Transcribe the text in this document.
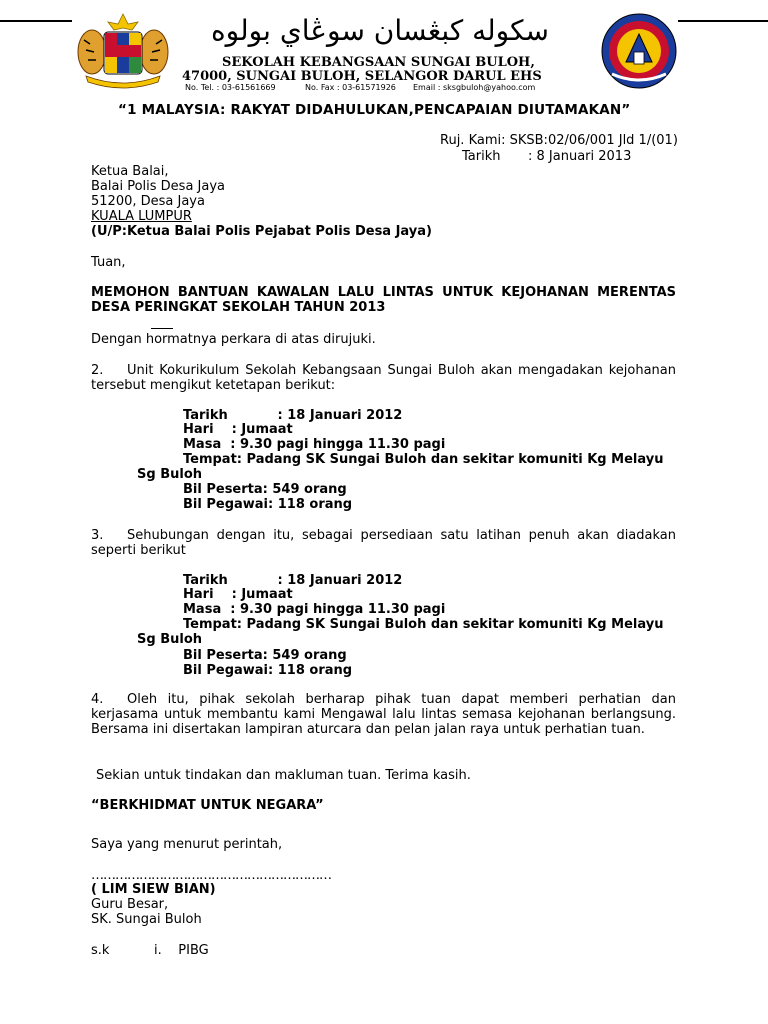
سکوله کبڠسان سوڠاي بولوه
SEKOLAH KEBANGSAAN SUNGAI BULOH,
47000, SUNGAI BULOH, SELANGOR DARUL EHS
No. Tel. : 03-61561669	No. Fax : 03-61571926 Email : sksgbuloh@yahoo.com
“1 MALAYSIA: RAKYAT DIDAHULUKAN,PENCAPAIAN DIUTAMAKAN”
Ruj. Kami: SKSB:02/06/001 Jld 1/(01)
Tarikh : 8 Januari 2013
Ketua Balai,
Balai Polis Desa Jaya
51200, Desa Jaya
KUALA LUMPUR
(U/P:Ketua Balai Polis Pejabat Polis Desa Jaya)
Tuan,
MEMOHON BANTUAN KAWALAN LALU LINTAS UNTUK KEJOHANAN MERENTAS DESA PERINGKAT SEKOLAH TAHUN 2013
Dengan hormatnya perkara di atas dirujuki.
2.	Unit Kokurikulum Sekolah Kebangsaan Sungai Buloh akan mengadakan kejohanan tersebut mengikut ketetapan berikut:
Tarikh           : 18 Januari 2012
Hari    : Jumaat
Masa  : 9.30 pagi hingga 11.30 pagi
Tempat: Padang SK Sungai Buloh dan sekitar komuniti Kg Melayu
Sg Buloh
Bil Peserta: 549 orang
Bil Pegawai: 118 orang
3.	Sehubungan dengan itu, sebagai persediaan satu latihan penuh akan diadakan seperti berikut
Tarikh           : 18 Januari 2012
Hari    : Jumaat
Masa  : 9.30 pagi hingga 11.30 pagi
Tempat: Padang SK Sungai Buloh dan sekitar komuniti Kg Melayu
Sg Buloh
Bil Peserta: 549 orang
Bil Pegawai: 118 orang
4.	Oleh itu, pihak sekolah berharap pihak tuan dapat memberi perhatian dan kerjasama untuk membantu kami Mengawal lalu lintas semasa kejohanan berlangsung. Bersama ini disertakan lampiran aturcara dan pelan jalan raya untuk perhatian tuan.
Sekian untuk tindakan dan makluman tuan. Terima kasih.
“BERKHIDMAT UNTUK NEGARA”
Saya yang menurut perintah,
……………………………………………………
( LIM SIEW BIAN)
Guru Besar,
SK. Sungai Buloh
s.k	i.    PIBG
